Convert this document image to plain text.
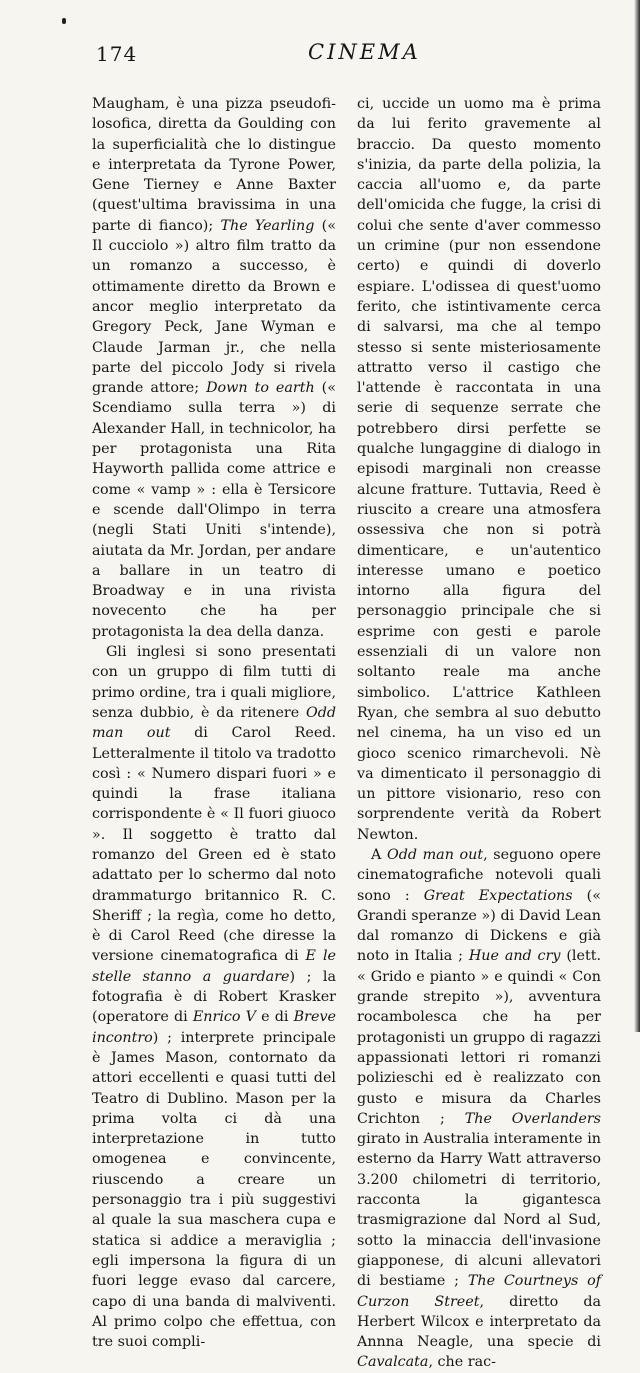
174	CINEMA

Maugham, è una pizza pseudofilosofica, diretta da Goulding con la superficialità che lo distingue e interpretata da Tyrone Power, Gene Tierney e Anne Baxter (quest'ultima bravissima in una parte di fianco); The Yearling (« Il cucciolo ») altro film tratto da un romanzo a successo, è ottimamente diretto da Brown e ancor meglio interpretato da Gregory Peck, Jane Wyman e Claude Jarman jr., che nella parte del piccolo Jody si rivela grande attore; Down to earth (« Scendiamo sulla terra ») di Alexander Hall, in technicolor, ha per protagonista una Rita Hayworth pallida come attrice e come « vamp » : ella è Tersicore e scende dall'Olimpo in terra (negli Stati Uniti s'intende), aiutata da Mr. Jordan, per andare a ballare in un teatro di Broadway e in una rivista novecento che ha per protagonista la dea della danza.

Gli inglesi si sono presentati con un gruppo di film tutti di primo ordine, tra i quali migliore, senza dubbio, è da ritenere Odd man out di Carol Reed. Letteralmente il titolo va tradotto così : « Numero dispari fuori » e quindi la frase italiana corrispondente è « Il fuori giuoco ». Il soggetto è tratto dal romanzo del Green ed è stato adattato per lo schermo dal noto drammaturgo britannico R. C. Sheriff ; la regìa, come ho detto, è di Carol Reed (che diresse la versione cinematografica di E le stelle stanno a guardare) ; la fotografia è di Robert Krasker (operatore di Enrico V e di Breve incontro) ; interprete principale è James Mason, contornato da attori eccellenti e quasi tutti del Teatro di Dublino. Mason per la prima volta ci dà una interpretazione in tutto omogenea e convincente, riuscendo a creare un personaggio tra i più suggestivi al quale la sua maschera cupa e statica si addice a meraviglia ; egli impersona la figura di un fuori legge evaso dal carcere, capo di una banda di malviventi. Al primo colpo che effettua, con tre suoi compli-

ci, uccide un uomo ma è prima da lui ferito gravemente al braccio. Da questo momento s'inizia, da parte della polizia, la caccia all'uomo e, da parte dell'omicida che fugge, la crisi di colui che sente d'aver commesso un crimine (pur non essendone certo) e quindi di doverlo espiare. L'odissea di quest'uomo ferito, che istintivamente cerca di salvarsi, ma che al tempo stesso si sente misteriosamente attratto verso il castigo che l'attende è raccontata in una serie di sequenze serrate che potrebbero dirsi perfette se qualche lungaggine di dialogo in episodi marginali non creasse alcune fratture. Tuttavia, Reed è riuscito a creare una atmosfera ossessiva che non si potrà dimenticare, e un'autentico interesse umano e poetico intorno alla figura del personaggio principale che si esprime con gesti e parole essenziali di un valore non soltanto reale ma anche simbolico. L'attrice Kathleen Ryan, che sembra al suo debutto nel cinema, ha un viso ed un gioco scenico rimarchevoli. Nè va dimenticato il personaggio di un pittore visionario, reso con sorprendente verità da Robert Newton.

A Odd man out, seguono opere cinematografiche notevoli quali sono : Great Expectations (« Grandi speranze ») di David Lean dal romanzo di Dickens e già noto in Italia ; Hue and cry (lett. « Grido e pianto » e quindi « Con grande strepito »), avventura rocambolesca che ha per protagonisti un gruppo di ragazzi appassionati lettori ri romanzi polizieschi ed è realizzato con gusto e misura da Charles Crichton ; The Overlanders girato in Australia interamente in esterno da Harry Watt attraverso 3.200 chilometri di territorio, racconta la gigantesca trasmigrazione dal Nord al Sud, sotto la minaccia dell'invasione giapponese, di alcuni allevatori di bestiame ; The Courtneys of Curzon Street, diretto da Herbert Wilcox e interpretato da Annna Neagle, una specie di Cavalcata, che rac-
